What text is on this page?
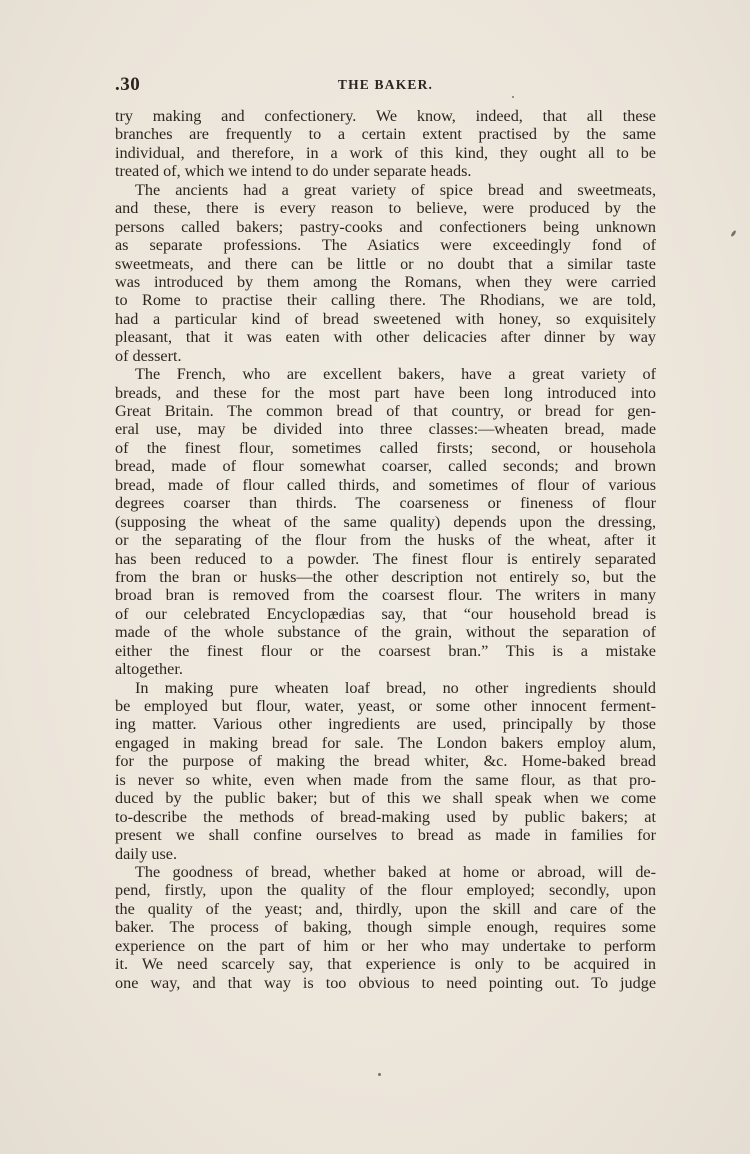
.30	THE BAKER.
try making and confectionery. We know, indeed, that all these
branches are frequently to a certain extent practised by the same
individual, and therefore, in a work of this kind, they ought all to be
treated of, which we intend to do under separate heads.
The ancients had a great variety of spice bread and sweetmeats,
and these, there is every reason to believe, were produced by the
persons called bakers; pastry-cooks and confectioners being unknown
as separate professions. The Asiatics were exceedingly fond of
sweetmeats, and there can be little or no doubt that a similar taste
was introduced by them among the Romans, when they were carried
to Rome to practise their calling there. The Rhodians, we are told,
had a particular kind of bread sweetened with honey, so exquisitely
pleasant, that it was eaten with other delicacies after dinner by way
of dessert.
The French, who are excellent bakers, have a great variety of
breads, and these for the most part have been long introduced into
Great Britain. The common bread of that country, or bread for gen-
eral use, may be divided into three classes:—wheaten bread, made
of the finest flour, sometimes called firsts; second, or househola
bread, made of flour somewhat coarser, called seconds; and brown
bread, made of flour called thirds, and sometimes of flour of various
degrees coarser than thirds. The coarseness or fineness of flour
(supposing the wheat of the same quality) depends upon the dressing,
or the separating of the flour from the husks of the wheat, after it
has been reduced to a powder. The finest flour is entirely separated
from the bran or husks—the other description not entirely so, but the
broad bran is removed from the coarsest flour. The writers in many
of our celebrated Encyclopædias say, that “our household bread is
made of the whole substance of the grain, without the separation of
either the finest flour or the coarsest bran.” This is a mistake
altogether.
In making pure wheaten loaf bread, no other ingredients should
be employed but flour, water, yeast, or some other innocent ferment-
ing matter. Various other ingredients are used, principally by those
engaged in making bread for sale. The London bakers employ alum,
for the purpose of making the bread whiter, &c. Home-baked bread
is never so white, even when made from the same flour, as that pro-
duced by the public baker; but of this we shall speak when we come
to-describe the methods of bread-making used by public bakers; at
present we shall confine ourselves to bread as made in families for
daily use.
The goodness of bread, whether baked at home or abroad, will de-
pend, firstly, upon the quality of the flour employed; secondly, upon
the quality of the yeast; and, thirdly, upon the skill and care of the
baker. The process of baking, though simple enough, requires some
experience on the part of him or her who may undertake to perform
it. We need scarcely say, that experience is only to be acquired in
one way, and that way is too obvious to need pointing out. To judge
